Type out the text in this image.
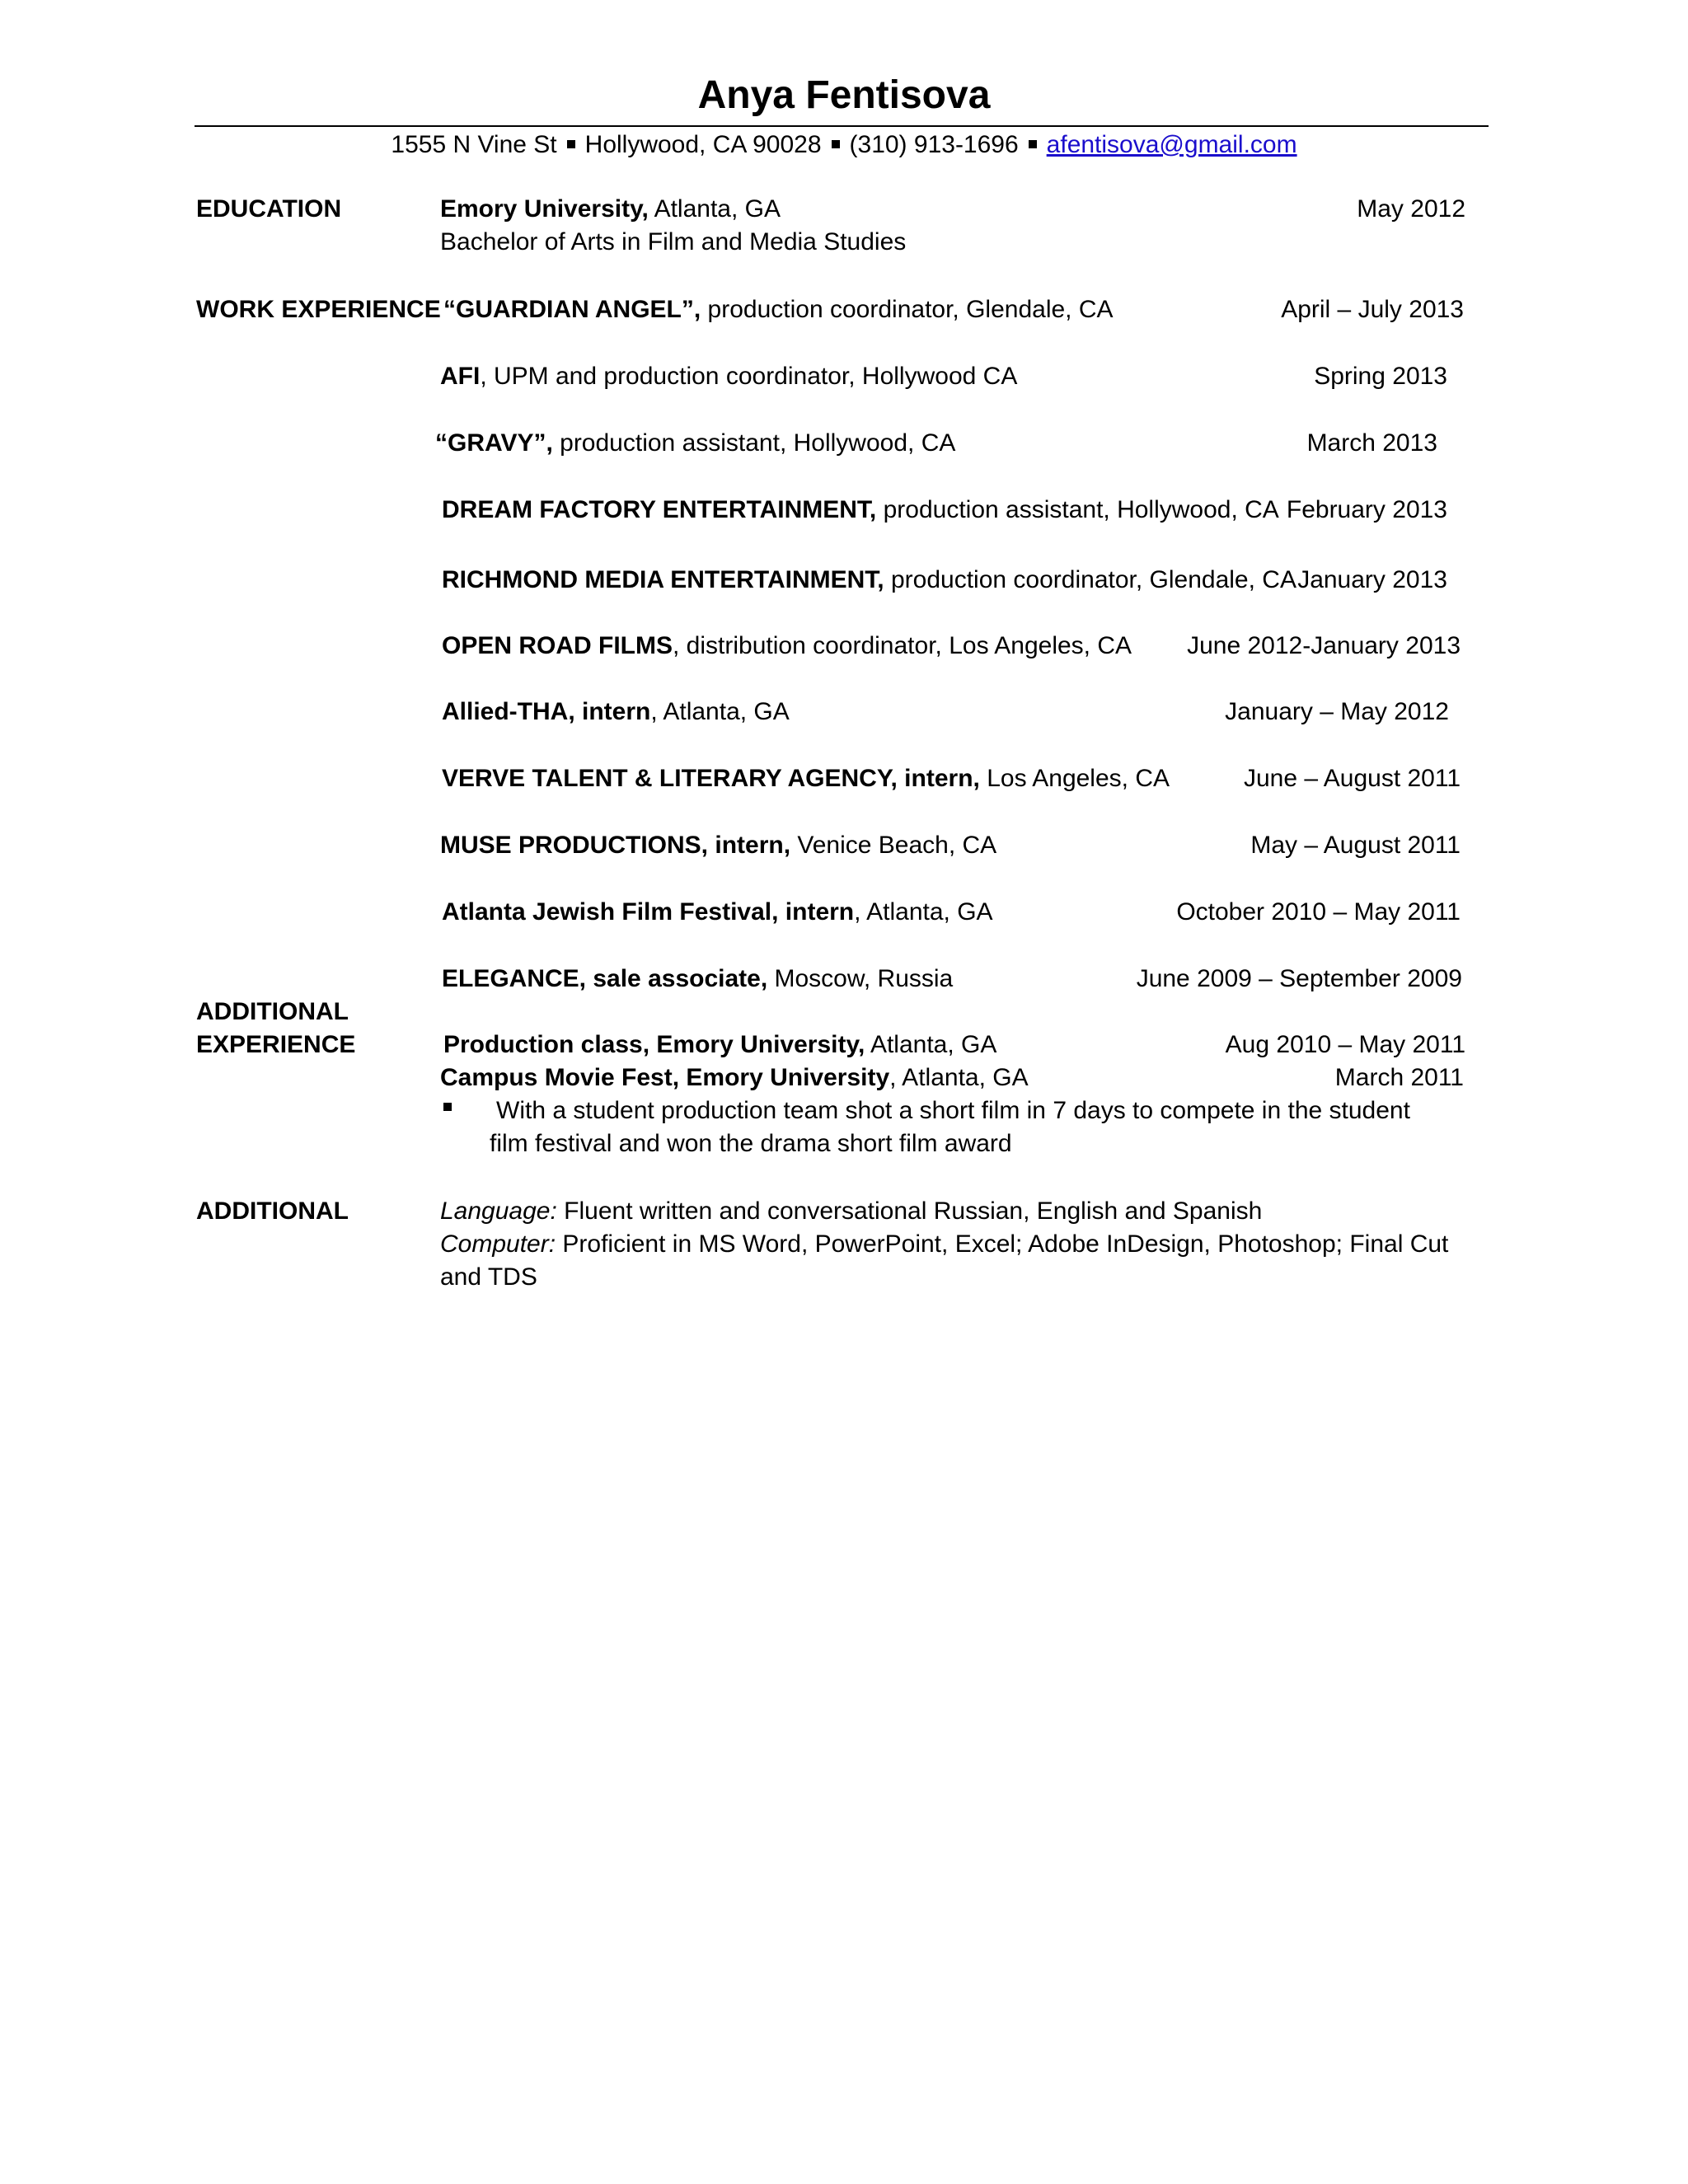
Anya Fentisova
1555 N Vine St Hollywood, CA 90028 (310) 913-1696 afentisova@gmail.com
EDUCATION	Emory University, Atlanta, GA	May 2012
Bachelor of Arts in Film and Media Studies
WORK EXPERIENCE “GUARDIAN ANGEL”, production coordinator, Glendale, CA	April – July 2013
AFI, UPM and production coordinator, Hollywood CA	Spring 2013
“GRAVY”, production assistant, Hollywood, CA	March 2013
DREAM FACTORY ENTERTAINMENT, production assistant, Hollywood, CA February 2013
RICHMOND MEDIA ENTERTAINMENT, production coordinator, Glendale, CA January 2013
OPEN ROAD FILMS, distribution coordinator, Los Angeles, CA June 2012-January 2013
Allied-THA, intern, Atlanta, GA	January – May 2012
VERVE TALENT & LITERARY AGENCY, intern, Los Angeles, CA	June – August 2011
MUSE PRODUCTIONS, intern, Venice Beach, CA	May – August 2011
Atlanta Jewish Film Festival, intern, Atlanta, GA	October 2010 – May 2011
ELEGANCE, sale associate, Moscow, Russia	June 2009 – September 2009
ADDITIONAL
EXPERIENCE	Production class, Emory University, Atlanta, GA	Aug 2010 – May 2011
Campus Movie Fest, Emory University, Atlanta, GA	March 2011
With a student production team shot a short film in 7 days to compete in the student
film festival and won the drama short film award
ADDITIONAL	Language: Fluent written and conversational Russian, English and Spanish
Computer: Proficient in MS Word, PowerPoint, Excel; Adobe InDesign, Photoshop; Final Cut
and TDS
